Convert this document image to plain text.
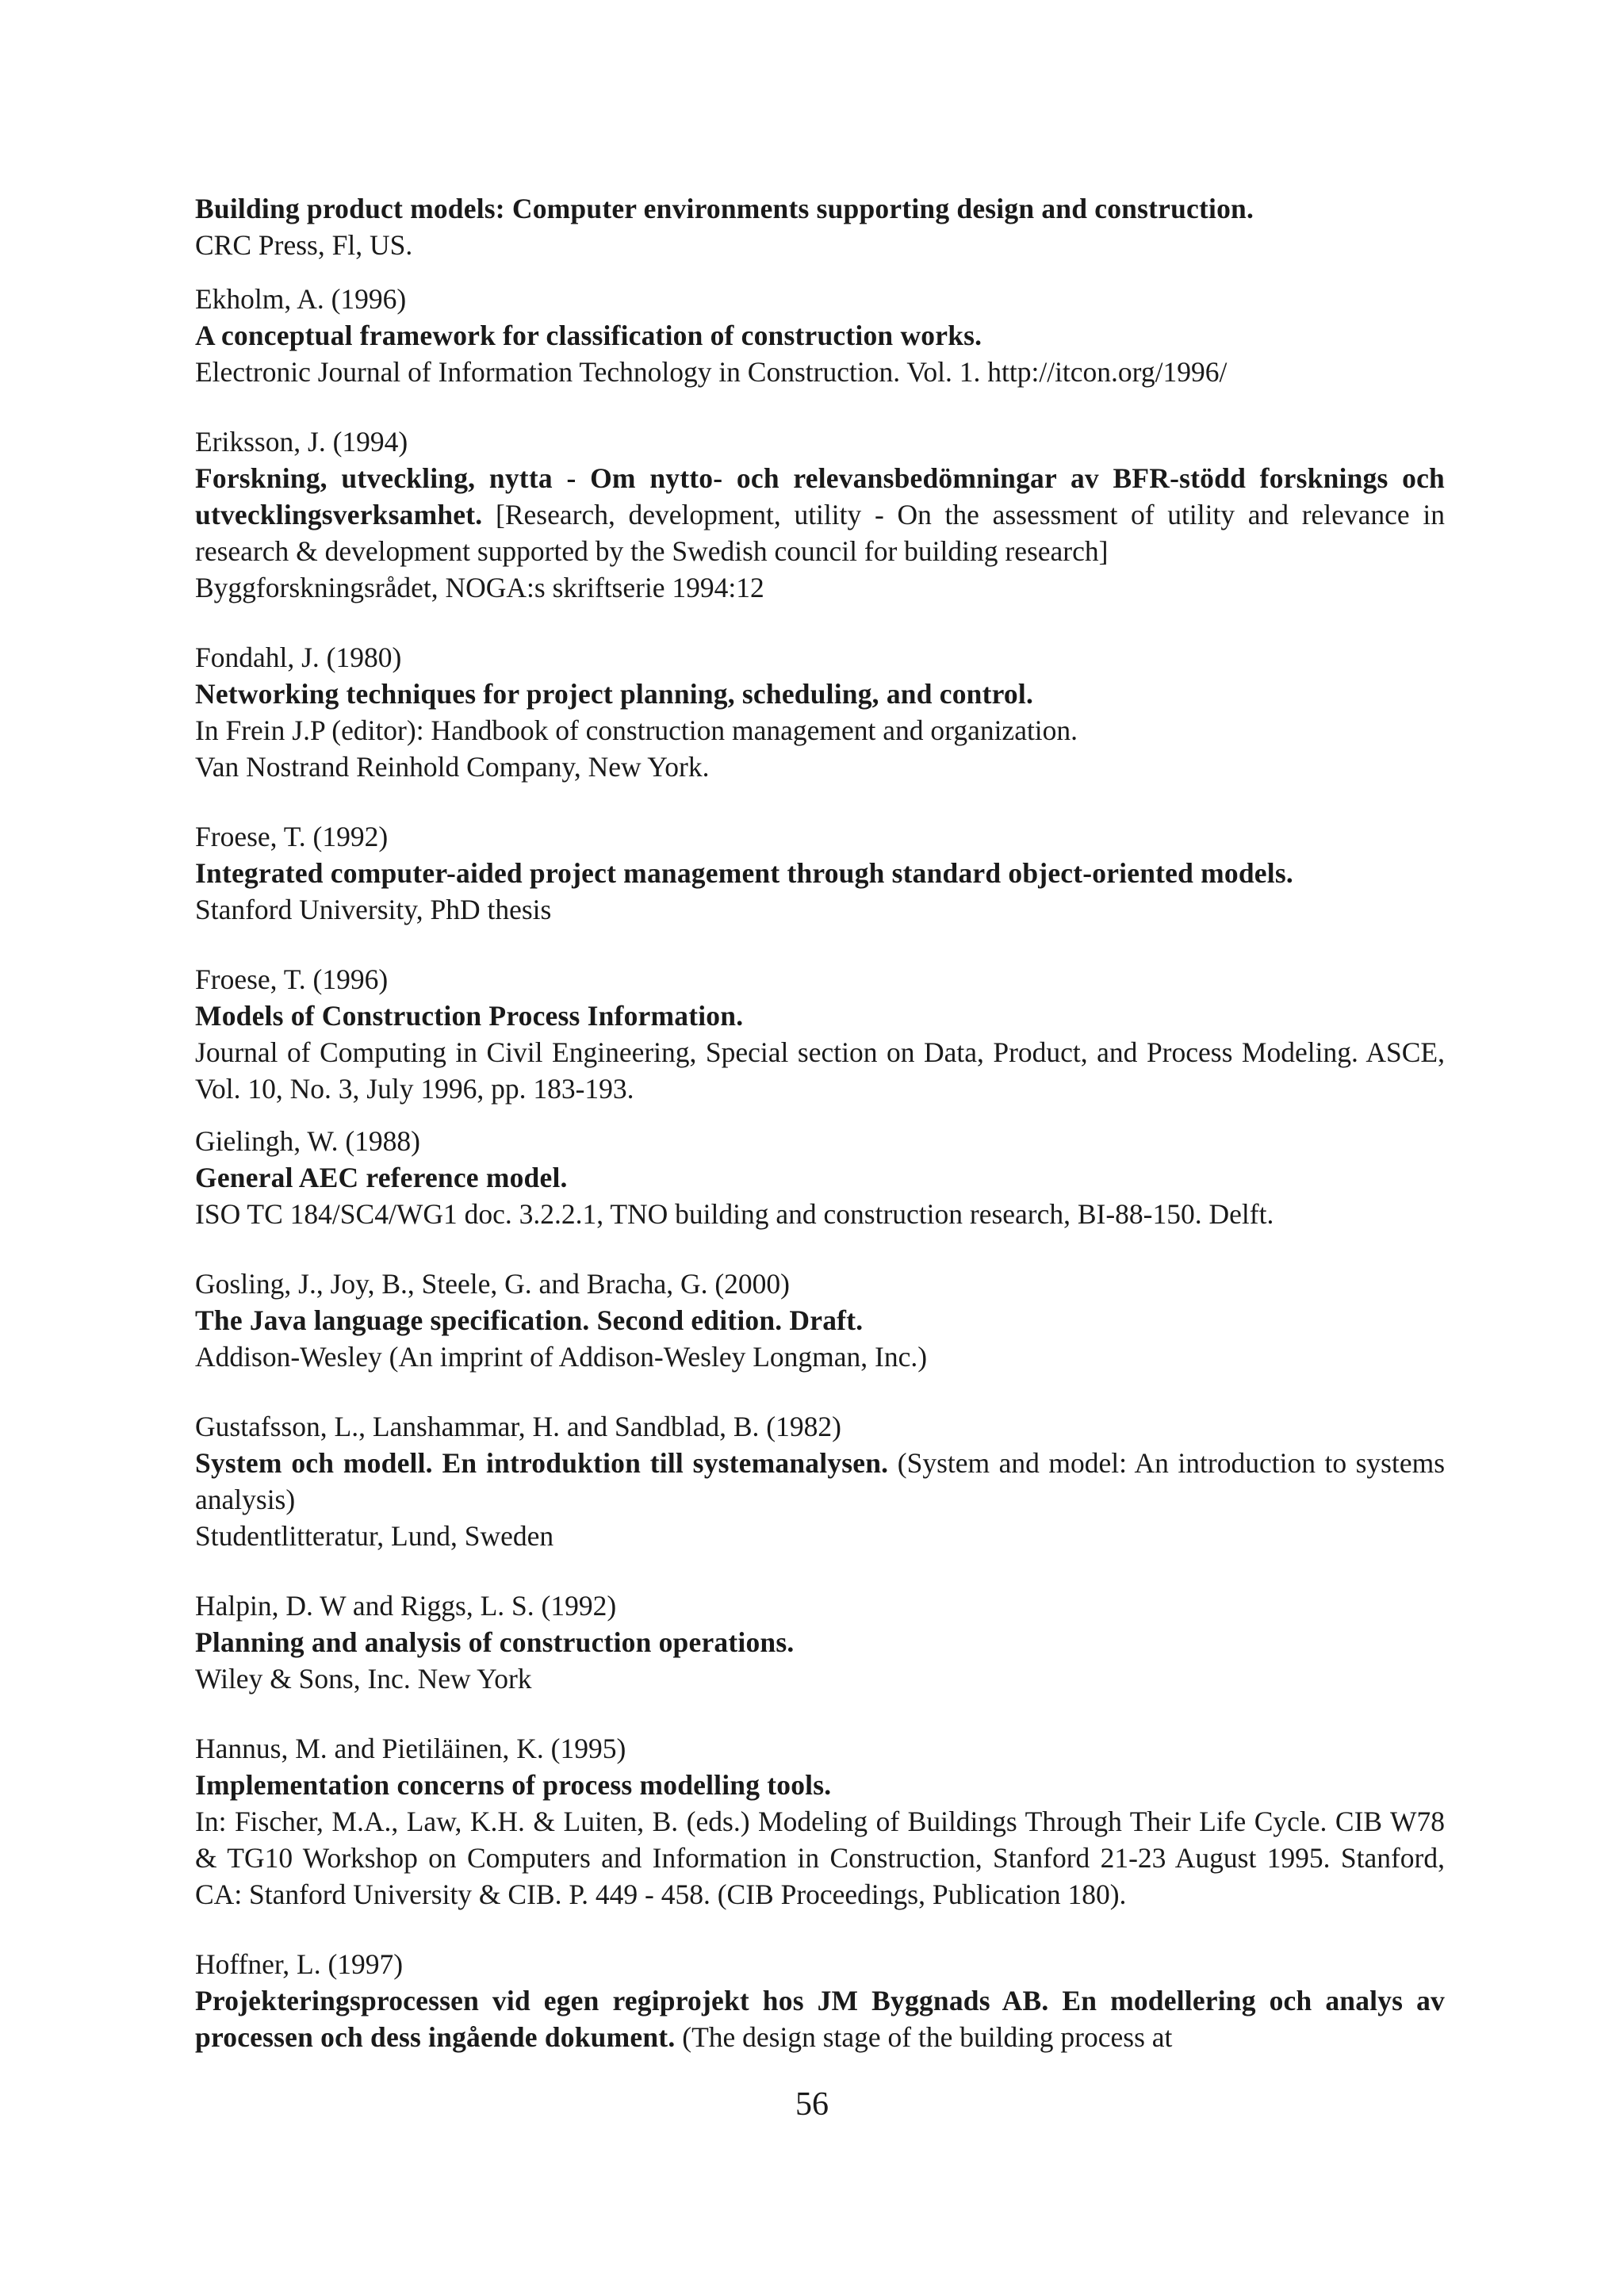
Building product models: Computer environments supporting design and construction.
CRC Press, Fl, US.
Ekholm, A. (1996)
A conceptual framework for classification of construction works.
Electronic Journal of Information Technology in Construction. Vol. 1. http://itcon.org/1996/
Eriksson, J. (1994)
Forskning, utveckling, nytta - Om nytto- och relevansbedömningar av BFR-stödd forsknings och utvecklingsverksamhet. [Research, development, utility - On the assessment of utility and relevance in research & development supported by the Swedish council for building research]
Byggforskningsrådet, NOGA:s skriftserie 1994:12
Fondahl, J. (1980)
Networking techniques for project planning, scheduling, and control.
In Frein J.P (editor): Handbook of construction management and organization.
Van Nostrand Reinhold Company, New York.
Froese, T. (1992)
Integrated computer-aided project management through standard object-oriented models.
Stanford University, PhD thesis
Froese, T. (1996)
Models of Construction Process Information.
Journal of Computing in Civil Engineering, Special section on Data, Product, and Process Modeling. ASCE, Vol. 10, No. 3, July 1996, pp. 183-193.
Gielingh, W. (1988)
General AEC reference model.
ISO TC 184/SC4/WG1 doc. 3.2.2.1, TNO building and construction research, BI-88-150. Delft.
Gosling, J., Joy, B., Steele, G. and Bracha, G. (2000)
The Java language specification. Second edition. Draft.
Addison-Wesley (An imprint of Addison-Wesley Longman, Inc.)
Gustafsson, L., Lanshammar, H. and Sandblad, B. (1982)
System och modell. En introduktion till systemanalysen. (System and model: An introduction to systems analysis)
Studentlitteratur, Lund, Sweden
Halpin, D. W and Riggs, L. S. (1992)
Planning and analysis of construction operations.
Wiley & Sons, Inc. New York
Hannus, M. and Pietiläinen, K. (1995)
Implementation concerns of process modelling tools.
In: Fischer, M.A., Law, K.H. & Luiten, B. (eds.) Modeling of Buildings Through Their Life Cycle. CIB W78 & TG10 Workshop on Computers and Information in Construction, Stanford 21-23 August 1995. Stanford, CA: Stanford University & CIB. P. 449 - 458. (CIB Proceedings, Publication 180).
Hoffner, L. (1997)
Projekteringsprocessen vid egen regiprojekt hos JM Byggnads AB. En modellering och analys av processen och dess ingående dokument. (The design stage of the building process at
56
